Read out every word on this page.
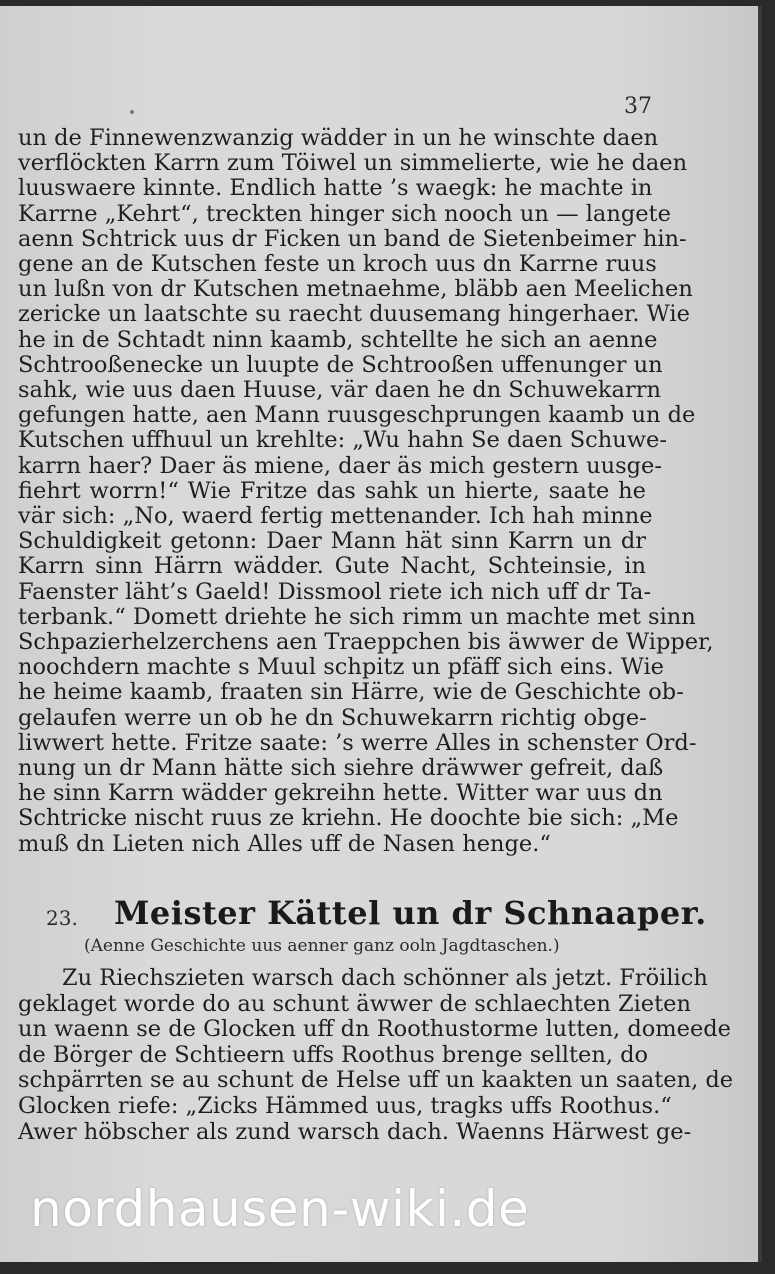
37
un de Finnewenzwanzig wädder in un he winschte daen
verflöckten Karrn zum Töiwel un simmelierte, wie he daen
luuswaere kinnte. Endlich hatte ’s waegk: he machte in
Karrne „Kehrt“, treckten hinger sich nooch un — langete
aenn Schtrick uus dr Ficken un band de Sietenbeimer hin-
gene an de Kutschen feste un kroch uus dn Karrne ruus
un lußn von dr Kutschen metnaehme, bläbb aen Meelichen
zericke un laatschte su raecht duusemang hingerhaer. Wie
he in de Schtadt ninn kaamb, schtellte he sich an aenne
Schtrooßenecke un luupte de Schtrooßen uffenunger un
sahk, wie uus daen Huuse, vär daen he dn Schuwekarrn
gefungen hatte, aen Mann ruusgeschprungen kaamb un de
Kutschen uffhuul un krehlte: „Wu hahn Se daen Schuwe-
karrn haer? Daer äs miene, daer äs mich gestern uusge-
fiehrt worrn!“ Wie Fritze das sahk un hierte, saate he
vär sich: „No, waerd fertig mettenander. Ich hah minne
Schuldigkeit getonn: Daer Mann hät sinn Karrn un dr
Karrn sinn Härrn wädder. Gute Nacht, Schteinsie, in
Faenster läht’s Gaeld! Dissmool riete ich nich uff dr Ta-
terbank.“ Domett driehte he sich rimm un machte met sinn
Schpazierhelzerchens aen Traeppchen bis äwwer de Wipper,
noochdern machte s Muul schpitz un pfäff sich eins. Wie
he heime kaamb, fraaten sin Härre, wie de Geschichte ob-
gelaufen werre un ob he dn Schuwekarrn richtig obge-
liwwert hette. Fritze saate: ’s werre Alles in schenster Ord-
nung un dr Mann hätte sich siehre dräwwer gefreit, daß
he sinn Karrn wädder gekreihn hette. Witter war uus dn
Schtricke nischt ruus ze kriehn. He doochte bie sich: „Me
muß dn Lieten nich Alles uff de Nasen henge.“
23. Meister Kättel un dr Schnaaper.
(Aenne Geschichte uus aenner ganz ooln Jagdtaschen.)
Zu Riechszieten warsch dach schönner als jetzt. Fröilich
geklaget worde do au schunt äwwer de schlaechten Zieten
un waenn se de Glocken uff dn Roothustorme lutten, domeede
de Börger de Schtieern uffs Roothus brenge sellten, do
schpärrten se au schunt de Helse uff un kaakten un saaten, de
Glocken riefe: „Zicks Hämmed uus, tragks uffs Roothus.“
Awer höbscher als zund warsch dach. Waenns Härwest ge-
nordhausen-wiki.de
